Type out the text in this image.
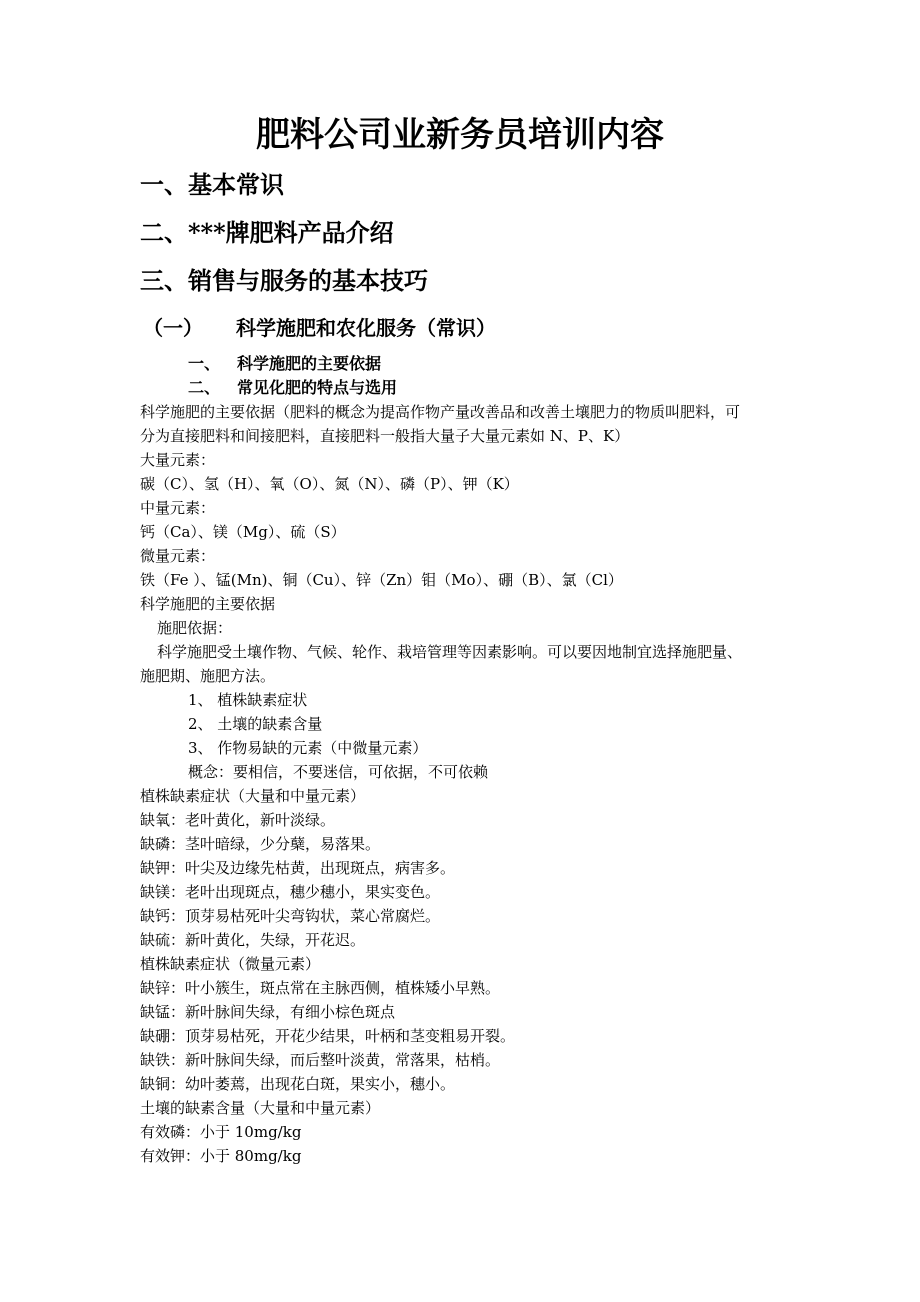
肥料公司业新务员培训内容
一、基本常识
二、***牌肥料产品介绍
三、销售与服务的基本技巧
（一） 科学施肥和农化服务（常识）
一、 科学施肥的主要依据
二、 常见化肥的特点与选用
科学施肥的主要依据（肥料的概念为提高作物产量改善品和改善土壤肥力的物质叫肥料，可
分为直接肥料和间接肥料，直接肥料一般指大量子大量元素如 N、P、K）
大量元素：
碳（C）、氢（H）、氧（O）、氮（N）、磷（P）、钾（K）
中量元素：
钙（Ca）、镁（Mg）、硫（S）
微量元素：
铁（Fe ）、锰(Mn)、铜（Cu）、锌（Zn）钼（Mo）、硼（B）、氯（Cl）
科学施肥的主要依据
施肥依据：
科学施肥受土壤作物、气候、轮作、栽培管理等因素影响。可以要因地制宜选择施肥量、
施肥期、施肥方法。
1、 植株缺素症状
2、 土壤的缺素含量
3、 作物易缺的元素（中微量元素）
概念：要相信，不要迷信，可依据，不可依赖
植株缺素症状（大量和中量元素）
缺氧：老叶黄化，新叶淡绿。
缺磷：茎叶暗绿，少分蘖，易落果。
缺钾：叶尖及边缘先枯黄，出现斑点，病害多。
缺镁：老叶出现斑点，穗少穗小，果实变色。
缺钙：顶芽易枯死叶尖弯钩状，菜心常腐烂。
缺硫：新叶黄化，失绿，开花迟。
植株缺素症状（微量元素）
缺锌：叶小簇生，斑点常在主脉西侧，植株矮小早熟。
缺锰：新叶脉间失绿，有细小棕色斑点
缺硼：顶芽易枯死，开花少结果，叶柄和茎变粗易开裂。
缺铁：新叶脉间失绿，而后整叶淡黄，常落果，枯梢。
缺铜：幼叶萎蔫，出现花白斑，果实小，穗小。
土壤的缺素含量（大量和中量元素）
有效磷：小于 10mg/kg
有效钾：小于 80mg/kg
